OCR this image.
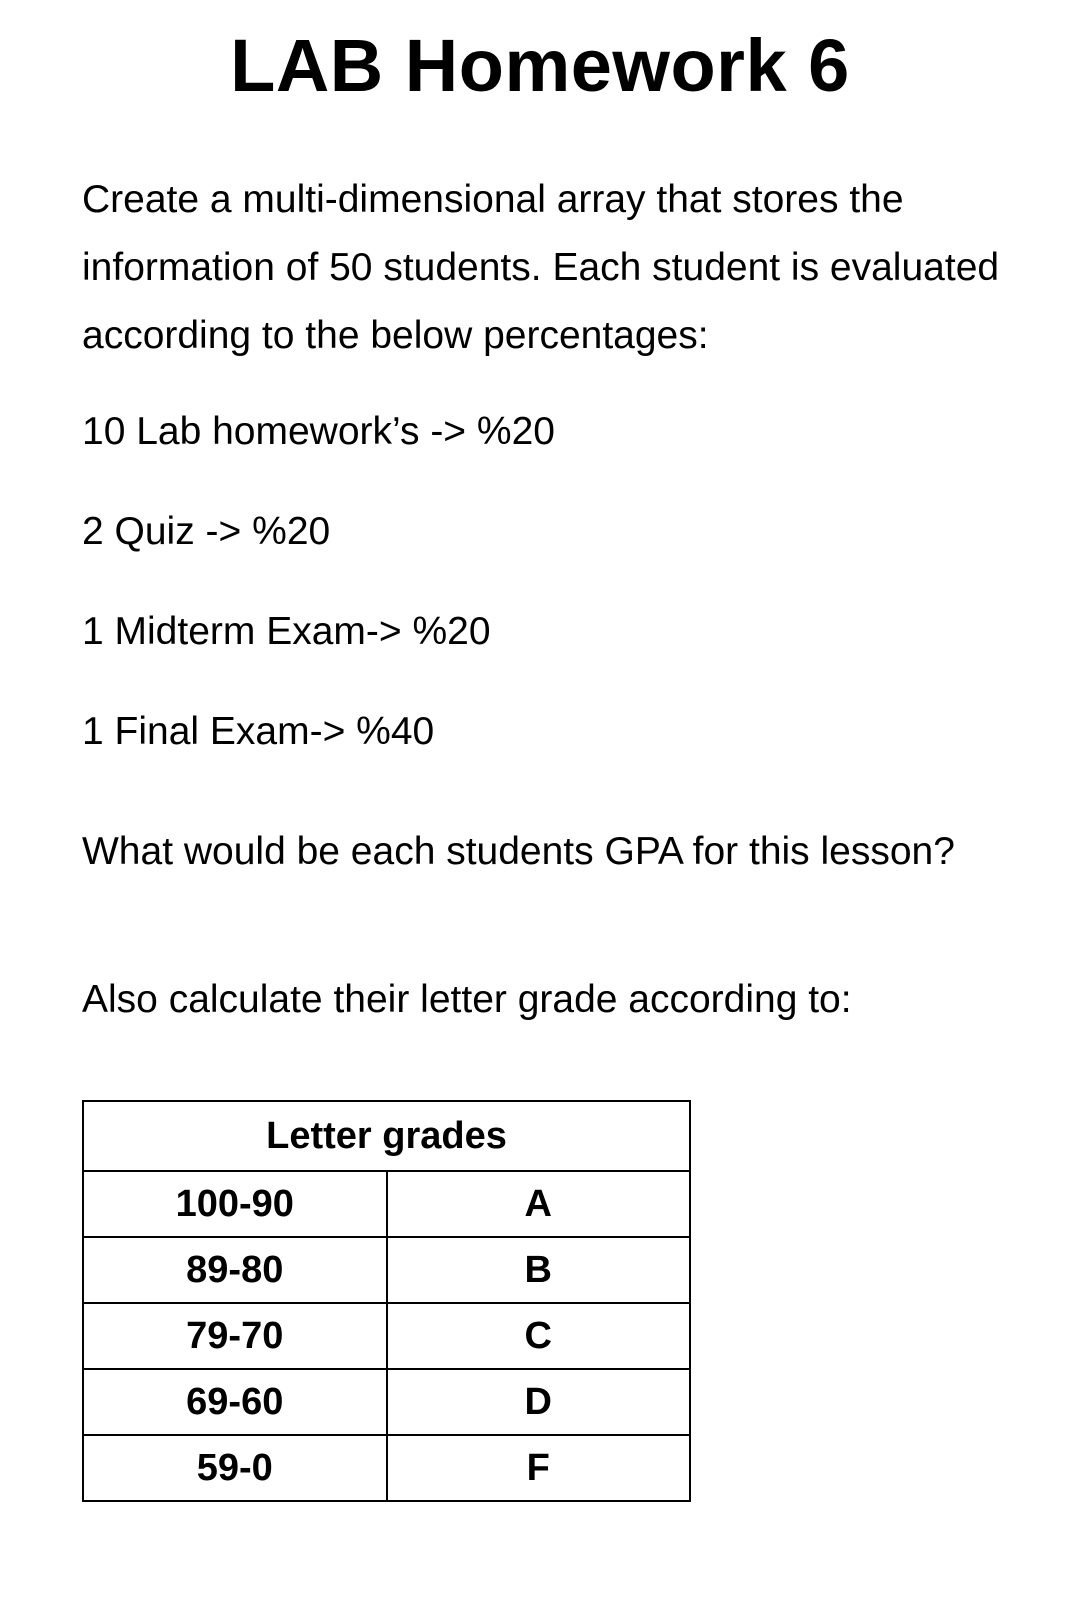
LAB Homework 6

Create a multi-dimensional array that stores the information of 50 students. Each student is evaluated according to the below percentages:

10 Lab homework’s -> %20
2 Quiz -> %20
1 Midterm Exam-> %20
1 Final Exam-> %40

What would be each students GPA for this lesson?

Also calculate their letter grade according to:
Letter grades	
100-90	A
89-80	B
79-70	C
69-60	D
59-0	F
